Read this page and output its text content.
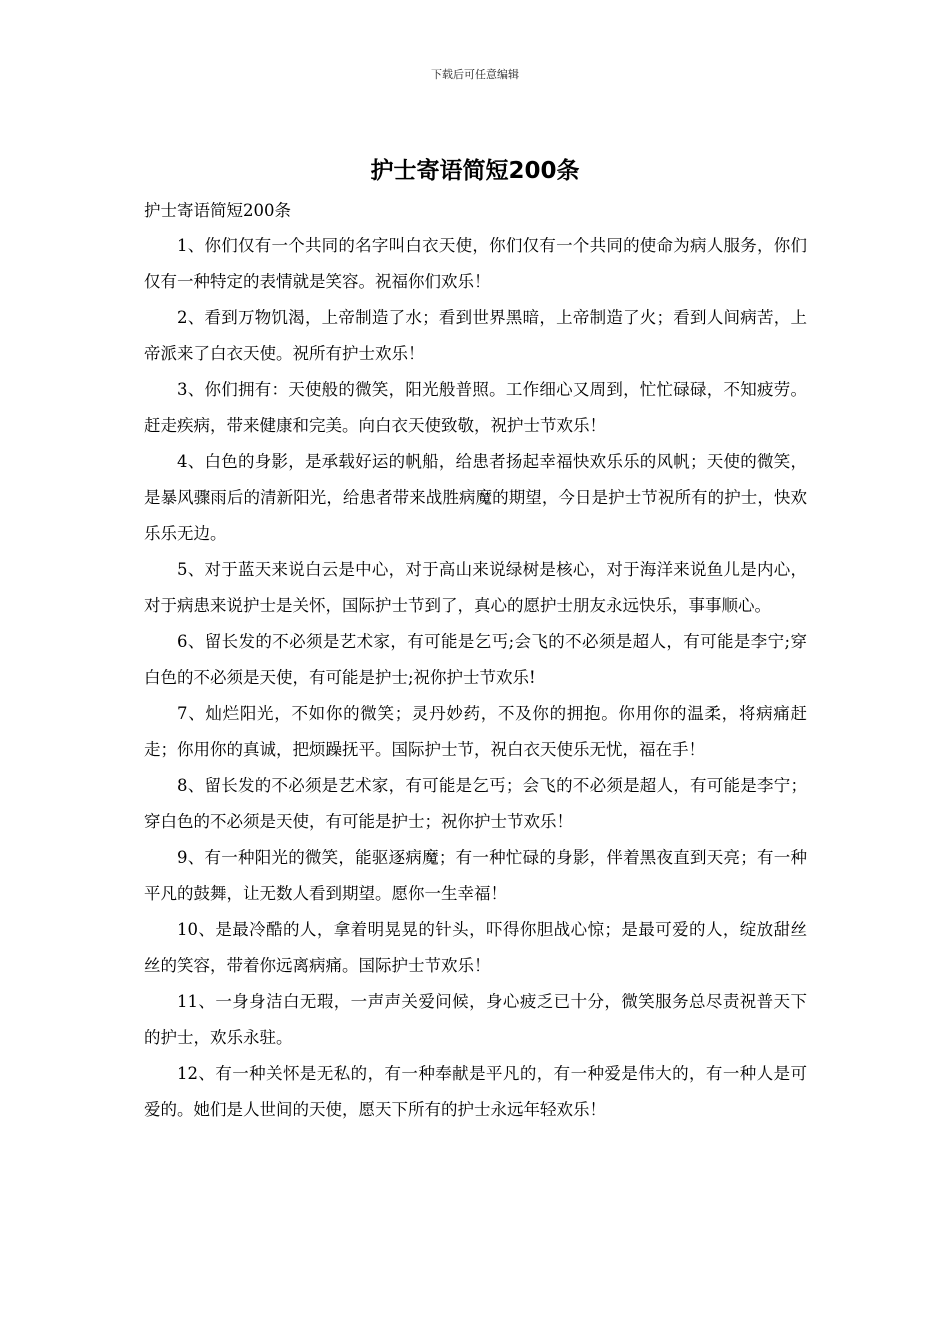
下载后可任意编辑
护士寄语简短200条

护士寄语简短200条

1、你们仅有一个共同的名字叫白衣天使，你们仅有一个共同的使命为病人服务，你们仅有一种特定的表情就是笑容。祝福你们欢乐！

2、看到万物饥渴，上帝制造了水；看到世界黑暗，上帝制造了火；看到人间病苦，上帝派来了白衣天使。祝所有护士欢乐！

3、你们拥有：天使般的微笑，阳光般普照。工作细心又周到，忙忙碌碌，不知疲劳。赶走疾病，带来健康和完美。向白衣天使致敬，祝护士节欢乐！

4、白色的身影，是承载好运的帆船，给患者扬起幸福快欢乐乐的风帆；天使的微笑，是暴风骤雨后的清新阳光，给患者带来战胜病魔的期望，今日是护士节祝所有的护士，快欢乐乐无边。

5、对于蓝天来说白云是中心，对于高山来说绿树是核心，对于海洋来说鱼儿是内心，对于病患来说护士是关怀，国际护士节到了，真心的愿护士朋友永远快乐，事事顺心。

6、留长发的不必须是艺术家，有可能是乞丐;会飞的不必须是超人，有可能是李宁;穿白色的不必须是天使，有可能是护士;祝你护士节欢乐!

7、灿烂阳光，不如你的微笑；灵丹妙药，不及你的拥抱。你用你的温柔，将病痛赶走；你用你的真诚，把烦躁抚平。国际护士节，祝白衣天使乐无忧，福在手！

8、留长发的不必须是艺术家，有可能是乞丐；会飞的不必须是超人，有可能是李宁；穿白色的不必须是天使，有可能是护士；祝你护士节欢乐！

9、有一种阳光的微笑，能驱逐病魔；有一种忙碌的身影，伴着黑夜直到天亮；有一种平凡的鼓舞，让无数人看到期望。愿你一生幸福！

10、是最冷酷的人，拿着明晃晃的针头，吓得你胆战心惊；是最可爱的人，绽放甜丝丝的笑容，带着你远离病痛。国际护士节欢乐！

11、一身身洁白无瑕，一声声关爱问候，身心疲乏已十分，微笑服务总尽责祝普天下的护士，欢乐永驻。

12、有一种关怀是无私的，有一种奉献是平凡的，有一种爱是伟大的，有一种人是可爱的。她们是人世间的天使，愿天下所有的护士永远年轻欢乐！
